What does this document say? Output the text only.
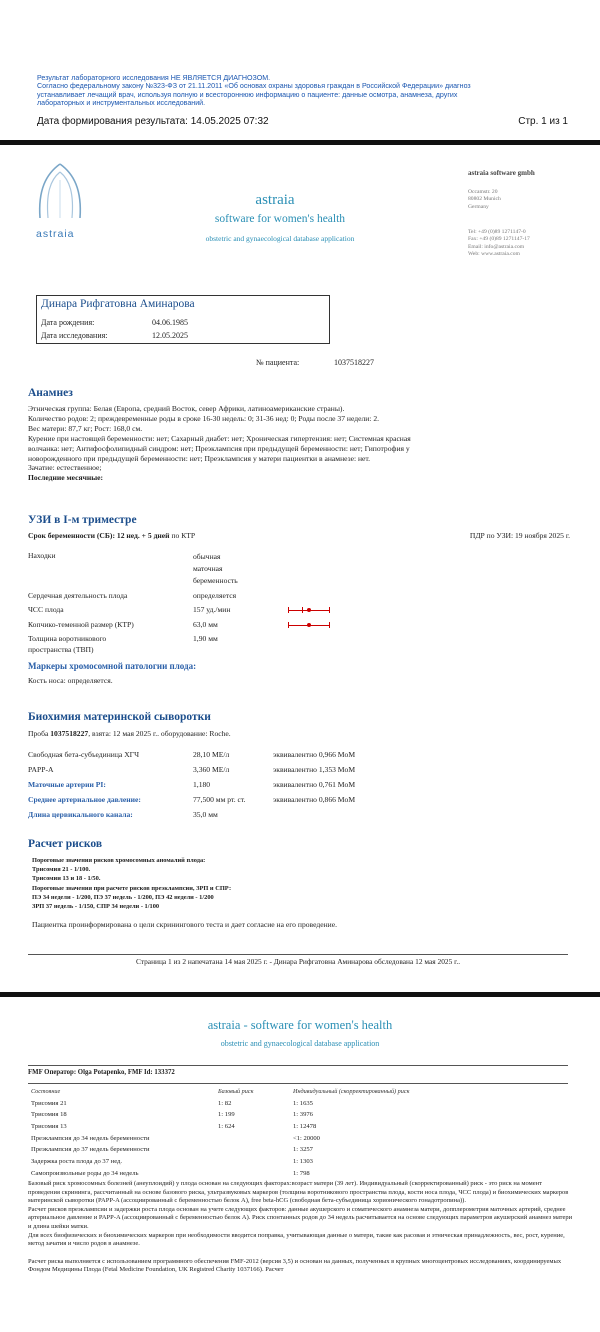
Результат лабораторного исследования НЕ ЯВЛЯЕТСЯ ДИАГНОЗОМ.
Согласно федеральному закону №323-ФЗ от 21.11.2011 «Об основах охраны здоровья граждан в Российской Федерации» диагноз
устанавливает лечащий врач, используя полную и всестороннюю информацию о пациенте: данные осмотра, анамнеза, других
лабораторных и инструментальных исследований.
Дата формирования результата: 14.05.2025 07:32	Стр. 1 из 1
astraia
astraia
software for women's health
obstetric and gynaecological database application
astraia software gmbh
Occamstr. 20
80802 Munich
Germany
Tel: +49 (0)89 1271147-0
Fax: +49 (0)89 1271147-17
Email: info@astraia.com
Web: www.astraia.com
Динара Рифгатовна Аминарова
Дата рождения:	04.06.1985
Дата исследования:	12.05.2025
№ пациента:	1037518227
Анамнез
Этническая группа: Белая (Европа, средний Восток, север Африки, латиноамериканские страны).
Количество родов: 2; преждевременные роды в сроке 16-30 недель: 0; 31-36 нед: 0; Роды после 37 недели: 2.
Вес матери: 87,7 кг; Рост: 168,0 см.
Курение при настоящей беременности: нет; Сахарный диабет: нет; Хроническая гипертензия: нет; Системная красная
волчанка: нет; Антифосфолипидный синдром: нет; Преэклампсия при предыдущей беременности: нет; Гипотрофия у
новорожденного при предыдущей беременности: нет; Преэклампсия у матери пациентки в анамнезе: нет.
Зачатие: естественное;
Последние месячные:
УЗИ в I-м триместре
Срок беременности (СБ): 12 нед. + 5 дней по КТР	ПДР по УЗИ: 19 ноября 2025 г.
Находки	обычная
маточная
беременность
Сердечная деятельность плода	определяется
ЧСС плода	157 уд./мин
Копчико-теменной размер (КТР)	63,0 мм
Толщина воротникового
пространства (ТВП)
1,90 мм
Маркеры хромосомной патологии плода:
Кость носа: определяется.
Биохимия материнской сыворотки
Проба 1037518227, взята: 12 мая 2025 г.. оборудование: Roche.
Свободная бета-субъединица ХГЧ	28,10 МЕ/л	эквивалентно 0,966 MoM
PAPP-A	3,360 МЕ/л	эквивалентно 1,353 MoM
Маточные артерии PI:	1,180	эквивалентно 0,761 MoM
Среднее артериальное давление:	77,500 мм рт. ст.	эквивалентно 0,866 MoM
Длина цервикального канала:	35,0 мм
Расчет рисков
Пороговые значения рисков хромосомных аномалий плода:
Трисомия 21 - 1/100.
Трисомии 13 и 18 - 1/50.
Пороговые значения при расчете рисков преэклампсии, ЗРП и СПР:
ПЭ 34 недели - 1/200, ПЭ 37 недель - 1/200, ПЭ 42 недели - 1/200
ЗРП 37 недель - 1/150, СПР 34 недели - 1/100
Пациентка проинформирована о цели скринингового теста и дает согласие на его проведение.
Страница 1 из 2 напечатана 14 мая 2025 г. - Динара Рифгатовна Аминарова обследована 12 мая 2025 г..
astraia - software for women's health
obstetric and gynaecological database application
FMF Оператор: Olga Potapenko, FMF Id: 133372
Состояние	Базовый риск	Индивидуальный (скорректированный) риск
Трисомия 21	1: 82	1: 1635
Трисомия 18	1: 199	1: 3976
Трисомия 13	1: 624	1: 12478
Преэклампсия до 34 недель беременности		<1: 20000
Преэклампсия до 37 недель беременности		1: 3257
Задержка роста плода до 37 нед.		1: 1303
Самопроизвольные роды до 34 недель		1: 798
Базовый риск хромосомных болезней (анеуплоидий) у плода основан на следующих факторах:возраст матери (39 лет). Индивидуальный (скорректированный) риск - это риск на момент проведения скрининга, рассчитанный на основе базового риска, ультразвуковых маркеров (толщина воротникового пространства плода, кости носа плода, ЧСС плода) и биохимических маркеров материнской сыворотки (PAPP-A (ассоциированный с беременностью белок А), free beta-hCG (свободная бета-субъединица хорионического гонадотропина)).
Расчет рисков преэклампсии и задержки роста плода основан на учете следующих факторов: данные акушерского и соматического анамнеза матери, допплерометрия маточных артерий, среднее артериальное давление и PAPP-A (ассоциированный с беременностью белок А). Риск спонтанных родов до 34 недель расчитывается на основе следующих параметров акушерский анамнез матери и длина шейки матки.
Для всех биофизических и биохимических маркеров при необходимости вводится поправка, учитывающая данные о матери, такие как расовая и этническая принадлежность, вес, рост, курение, метод зачатия и число родов в анамнезе.
Расчет риска выполняется с использованием программного обеспечения FMF-2012 (версия 3,5) и основан на данных, полученных в крупных многоцентровых исследованиях, координируемых Фондом Медицины Плода (Fetal Medicine Foundation, UK Registred Charity 1037166). Расчет
